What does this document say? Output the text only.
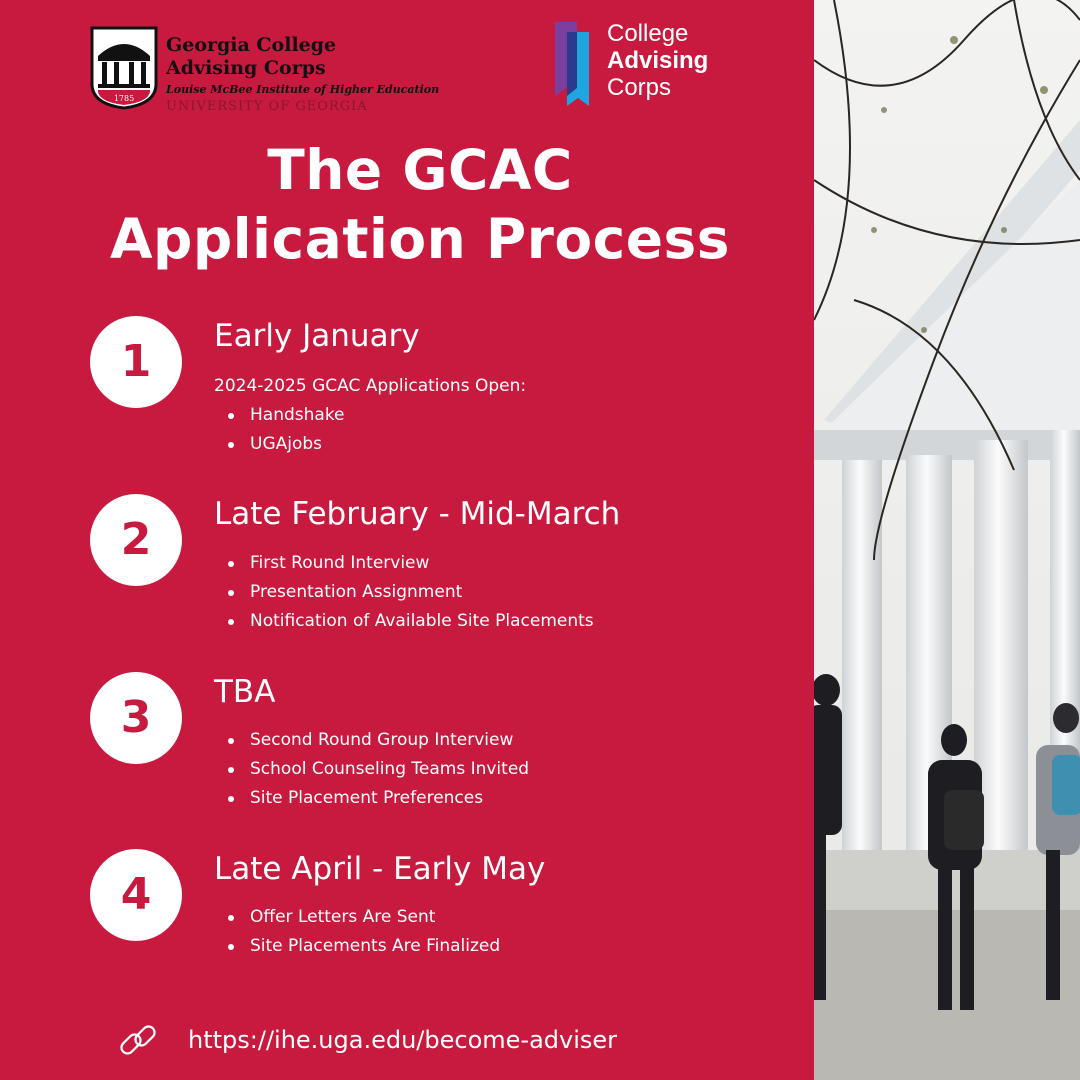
1785
Georgia College
Advising Corps
Louise McBee Institute of Higher Education
UNIVERSITY OF GEORGIA
College
Advising
Corps
The GCAC
Application Process
1	Early January
2024-2025 GCAC Applications Open:
Handshake
UGAjobs
2	Late February - Mid-March
First Round Interview
Presentation Assignment
Notification of Available Site Placements
3	TBA
Second Round Group Interview
School Counseling Teams Invited
Site Placement Preferences
4	Late April - Early May
Offer Letters Are Sent
Site Placements Are Finalized
https://ihe.uga.edu/become-adviser
